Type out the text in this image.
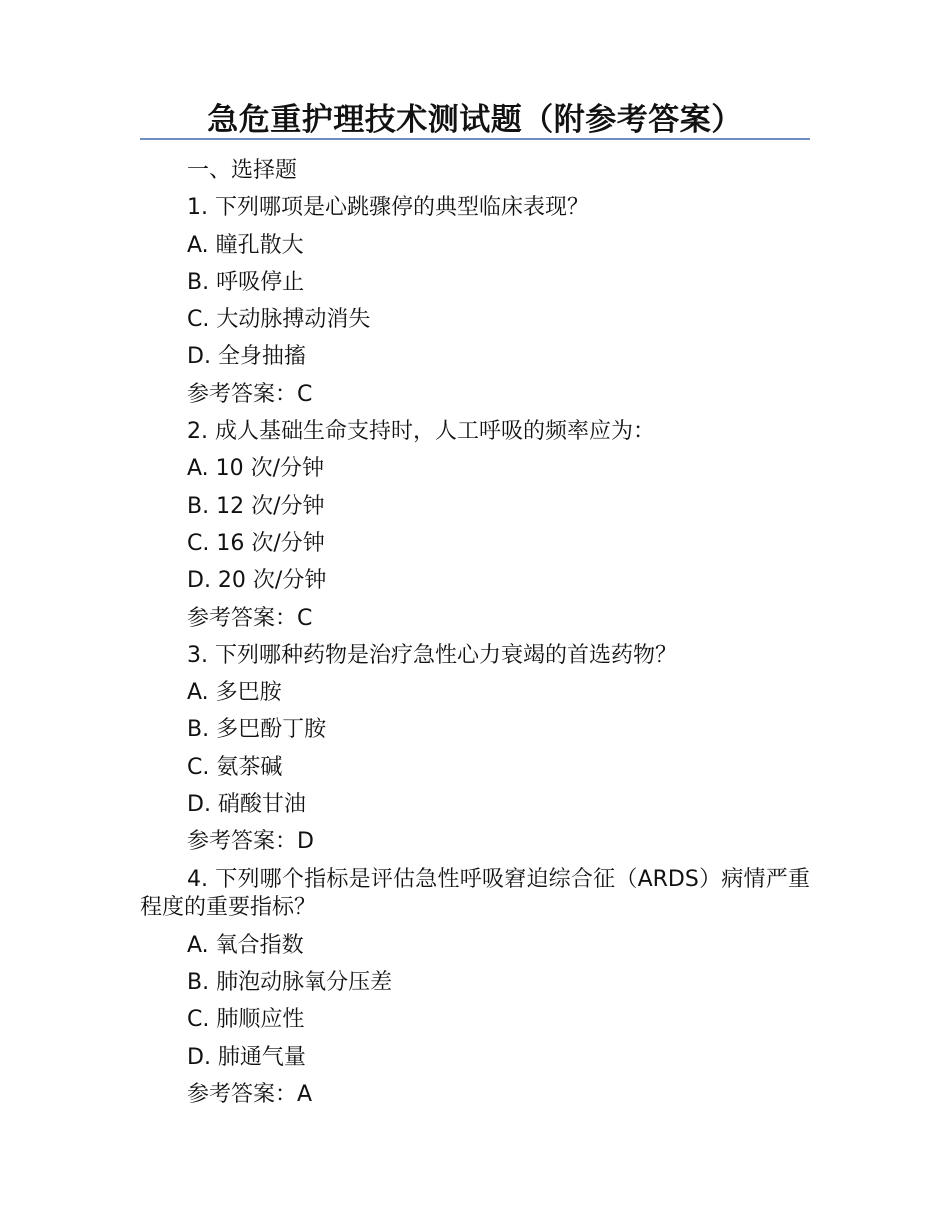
急危重护理技术测试题（附参考答案）
一、选择题
1. 下列哪项是心跳骤停的典型临床表现？
A. 瞳孔散大
B. 呼吸停止
C. 大动脉搏动消失
D. 全身抽搐
参考答案：C
2. 成人基础生命支持时，人工呼吸的频率应为：
A. 10 次/分钟
B. 12 次/分钟
C. 16 次/分钟
D. 20 次/分钟
参考答案：C
3. 下列哪种药物是治疗急性心力衰竭的首选药物？
A. 多巴胺
B. 多巴酚丁胺
C. 氨茶碱
D. 硝酸甘油
参考答案：D
4. 下列哪个指标是评估急性呼吸窘迫综合征（ARDS）病情严重程度的重要指标？
A. 氧合指数
B. 肺泡动脉氧分压差
C. 肺顺应性
D. 肺通气量
参考答案：A
